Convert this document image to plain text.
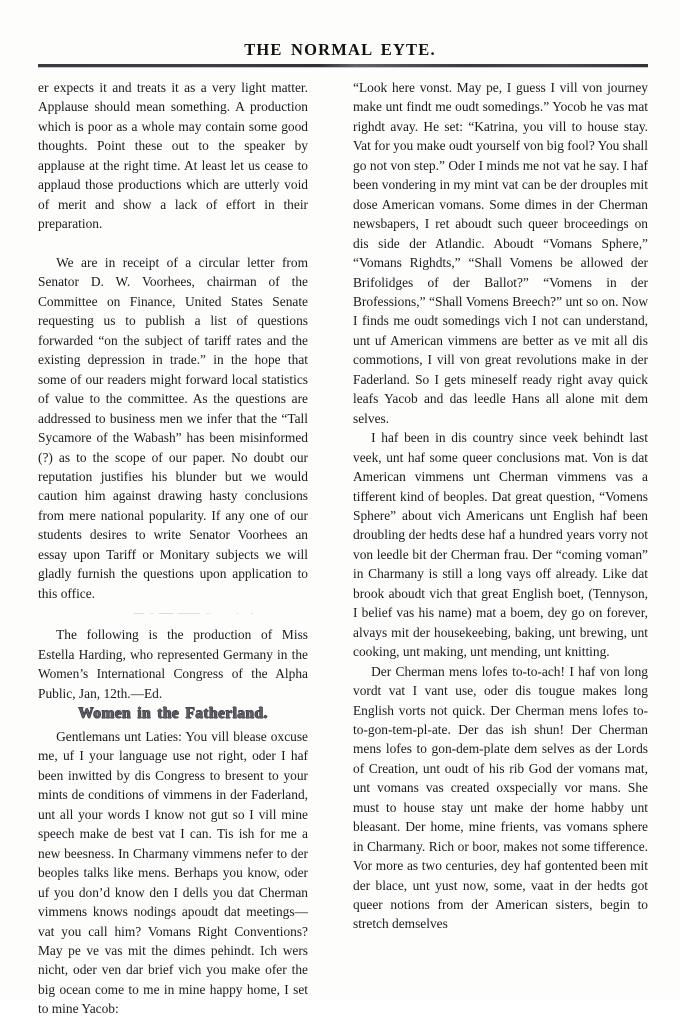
THE NORMAL EYTE.

er expects it and treats it as a very light matter. Applause should mean something. A production which is poor as a whole may contain some good thoughts. Point these out to the speaker by applause at the right time. At least let us cease to applaud those productions which are utterly void of merit and show a lack of effort in their preparation.

We are in receipt of a circular letter from Senator D. W. Voorhees, chairman of the Committee on Finance, United States Senate requesting us to publish a list of questions forwarded “on the subject of tariff rates and the existing depression in trade.” in the hope that some of our readers might forward local statistics of value to the committee. As the questions are addressed to business men we infer that the “Tall Sycamore of the Wabash” has been misinformed (?) as to the scope of our paper. No doubt our reputation justifies his blunder but we would caution him against drawing hasty conclusions from mere national popularity. If any one of our students desires to write Senator Voorhees an essay upon Tariff or Monitary subjects we will gladly furnish the questions upon application to this office.

The following is the production of Miss Estella Harding, who represented Germany in the Women’s International Congress of the Alpha Public, Jan, 12th.—Ed.

Women in the Fatherland.

Gentlemans unt Laties: You vill blease oxcuse me, uf I your language use not right, oder I haf been inwitted by dis Congress to bresent to your mints de conditions of vimmens in der Faderland, unt all your words I know not gut so I vill mine speech make de best vat I can. Tis ish for me a new beesness. In Charmany vimmens nefer to der beoples talks like mens. Berhaps you know, oder uf you don’d know den I dells you dat Cherman vimmens knows nodings apoudt dat meetings—vat you call him? Vomans Right Conventions? May pe ve vas mit the dimes pehindt. Ich wers nicht, oder ven dar brief vich you make ofer the big ocean come to me in mine happy home, I set to mine Yacob:

“Look here vonst. May pe, I guess I vill von journey make unt findt me oudt somedings.” Yocob he vas mat righdt avay. He set: “Katrina, you vill to house stay. Vat for you make oudt yourself von big fool? You shall go not von step.” Oder I minds me not vat he say. I haf been vondering in my mint vat can be der drouples mit dose American vomans. Some dimes in der Cherman newsbapers, I ret aboudt such queer broceedings on dis side der Atlandic. Aboudt “Vomans Sphere,” “Vomans Righdts,” “Shall Vomens be allowed der Brifolidges of der Ballot?” “Vomens in der Brofessions,” “Shall Vomens Breech?” unt so on. Now I finds me oudt somedings vich I not can understand, unt uf American vimmens are better as ve mit all dis commotions, I vill von great revolutions make in der Faderland. So I gets mineself ready right avay quick leafs Yacob and das leedle Hans all alone mit dem selves.

I haf been in dis country since veek behindt last veek, unt haf some queer conclusions mat. Von is dat American vimmens unt Cherman vimmens vas a tifferent kind of beoples. Dat great question, “Vomens Sphere” about vich Americans unt English haf been droubling der hedts dese haf a hundred years vorry not von leedle bit der Cherman frau. Der “coming voman” in Charmany is still a long vays off already. Like dat brook aboudt vich that great English boet, (Tennyson, I belief vas his name) mat a boem, dey go on forever, alvays mit der housekeebing, baking, unt brewing, unt cooking, unt making, unt mending, unt knitting.

Der Cherman mens lofes to-to-ach! I haf von long vordt vat I vant use, oder dis tougue makes long English vorts not quick. Der Cherman mens lofes to-to-gon-tem-pl-ate. Der das ish shun! Der Cherman mens lofes to gon-dem-plate dem selves as der Lords of Creation, unt oudt of his rib God der vomans mat, unt vomans vas created oxspecially vor mans. She must to house stay unt make der home habby unt bleasant. Der home, mine frients, vas vomans sphere in Charmany. Rich or boor, makes not some tifference. Vor more as two centuries, dey haf gontented been mit der blace, unt yust now, some, vaat in der hedts got queer notions from der American sisters, begin to stretch demselves
